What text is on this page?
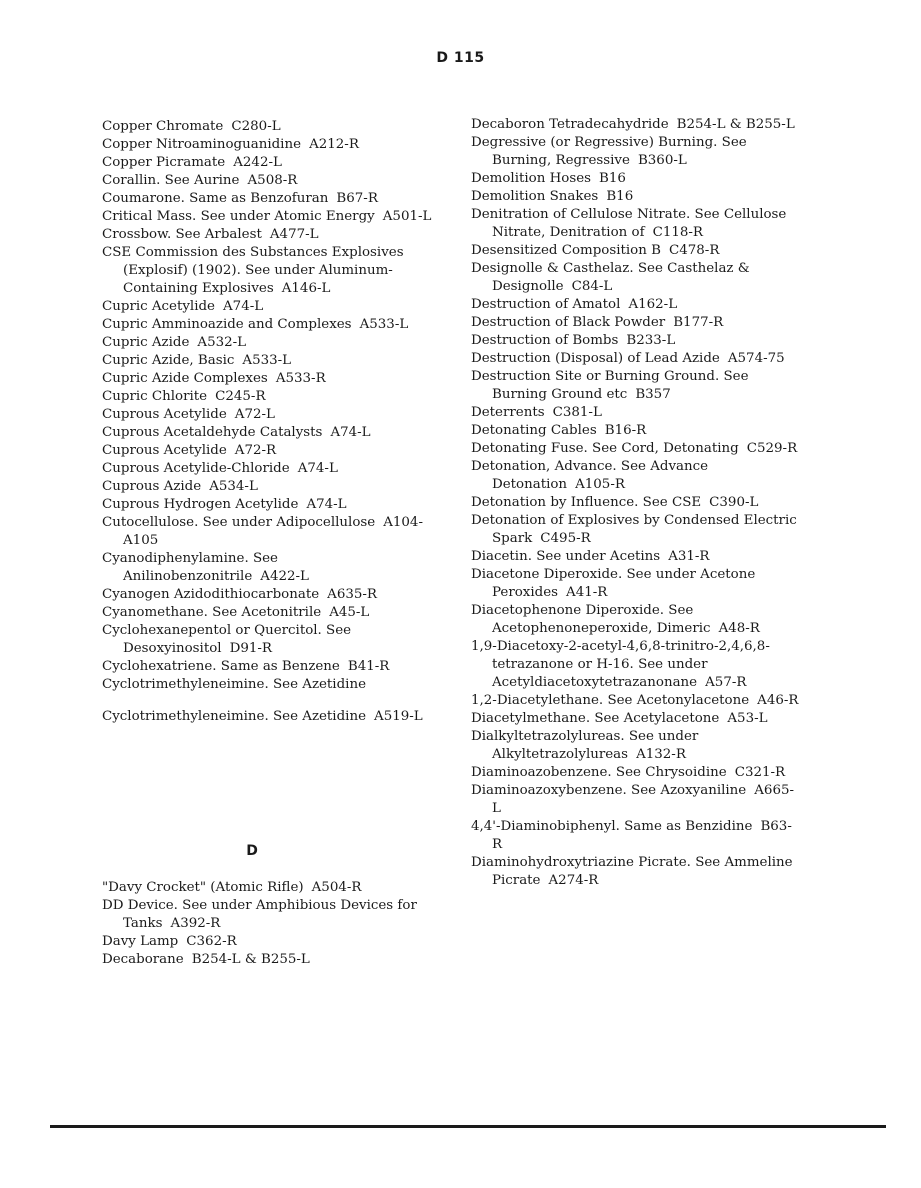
D 115

Copper Chromate C280-L

Copper Nitroaminoguanidine A212-R

Copper Picramate A242-L

Corallin. See Aurine A508-R

Coumarone. Same as Benzofuran B67-R

Critical Mass. See under Atomic Energy A501-L

Crossbow. See Arbalest A477-L

CSE Commission des Substances Explosives (Explosif) (1902). See under Aluminum-Containing Explosives A146-L

Cupric Acetylide A74-L

Cupric Amminoazide and Complexes A533-L

Cupric Azide A532-L

Cupric Azide, Basic A533-L

Cupric Azide Complexes A533-R

Cupric Chlorite C245-R

Cuprous Acetylide A72-L

Cuprous Acetaldehyde Catalysts A74-L

Cuprous Acetylide A72-R

Cuprous Acetylide-Chloride A74-L

Cuprous Azide A534-L

Cuprous Hydrogen Acetylide A74-L

Cutocellulose. See under Adipocellulose A104-A105

Cyanodiphenylamine. See Anilinobenzonitrile A422-L

Cyanogen Azidodithiocarbonate A635-R

Cyanomethane. See Acetonitrile A45-L

Cyclohexanepentol or Quercitol. See Desoxyinositol D91-R

Cyclohexatriene. Same as Benzene B41-R

Cyclotrimethyleneimine. See Azetidine

Cyclotrimethyleneimine. See Azetidine A519-L

D

"Davy Crocket" (Atomic Rifle) A504-R

DD Device. See under Amphibious Devices for Tanks A392-R

Davy Lamp C362-R

Decaborane B254-L & B255-L

Decaboron Tetradecahydride B254-L & B255-L

Degressive (or Regressive) Burning. See Burning, Regressive B360-L

Demolition Hoses B16

Demolition Snakes B16

Denitration of Cellulose Nitrate. See Cellulose Nitrate, Denitration of C118-R

Desensitized Composition B C478-R

Designolle & Casthelaz. See Casthelaz & Designolle C84-L

Destruction of Amatol A162-L

Destruction of Black Powder B177-R

Destruction of Bombs B233-L

Destruction (Disposal) of Lead Azide A574-75

Destruction Site or Burning Ground. See Burning Ground etc B357

Deterrents C381-L

Detonating Cables B16-R

Detonating Fuse. See Cord, Detonating C529-R

Detonation, Advance. See Advance Detonation A105-R

Detonation by Influence. See CSE C390-L

Detonation of Explosives by Condensed Electric Spark C495-R

Diacetin. See under Acetins A31-R

Diacetone Diperoxide. See under Acetone Peroxides A41-R

Diacetophenone Diperoxide. See Acetophenoneperoxide, Dimeric A48-R

1,9-Diacetoxy-2-acetyl-4,6,8-trinitro-2,4,6,8-tetrazanone or H-16. See under Acetyldiacetoxytetrazanonane A57-R

1,2-Diacetylethane. See Acetonylacetone A46-R

Diacetylmethane. See Acetylacetone A53-L

Dialkyltetrazolylureas. See under Alkyltetrazolylureas A132-R

Diaminoazobenzene. See Chrysoidine C321-R

Diaminoazoxybenzene. See Azoxyaniline A665-L

4,4'-Diaminobiphenyl. Same as Benzidine B63-R

Diaminohydroxytriazine Picrate. See Ammeline Picrate A274-R
